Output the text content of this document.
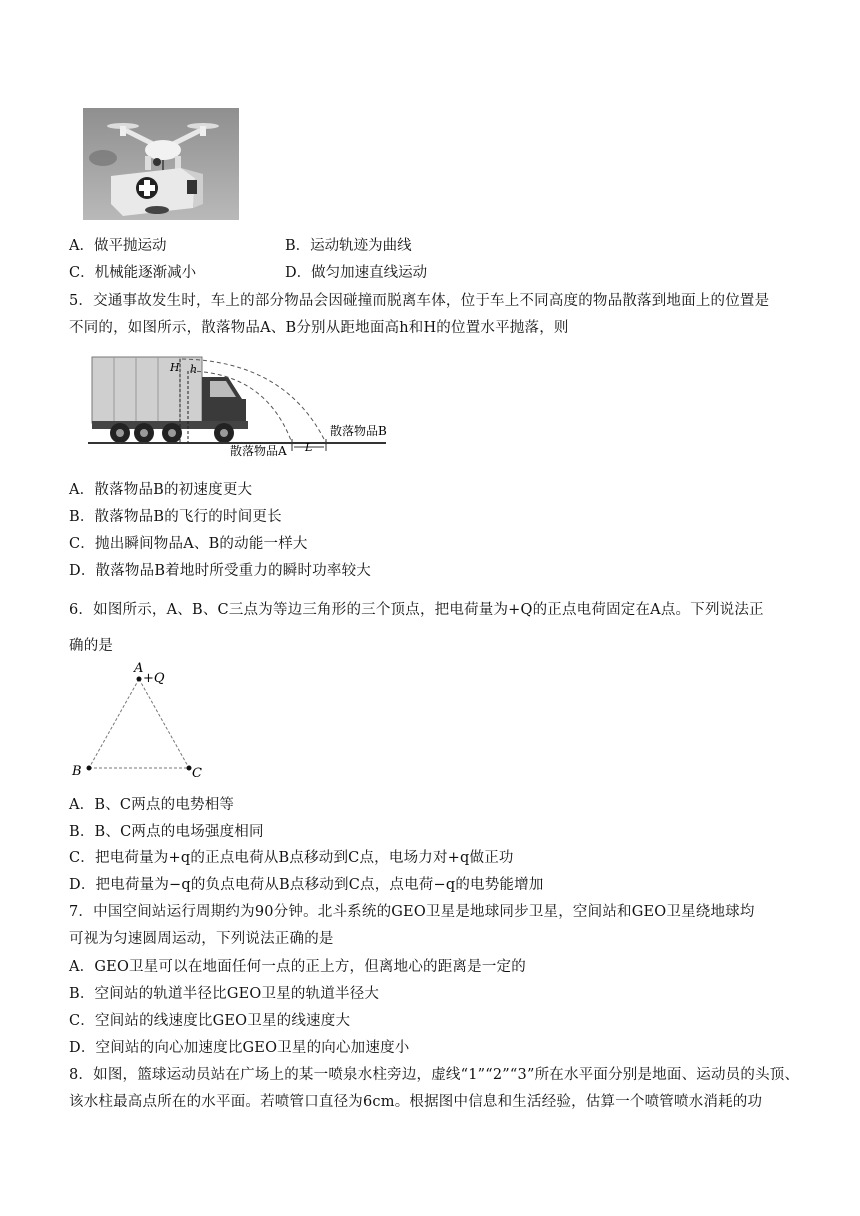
A．做平抛运动	B．运动轨迹为曲线
C．机械能逐渐减小	D．做匀加速直线运动
5．交通事故发生时，车上的部分物品会因碰撞而脱离车体，位于车上不同高度的物品散落到地面上的位置是
不同的，如图所示，散落物品A、B分别从距地面高h和H的位置水平抛落，则
H h
L
散落物品B
散落物品A
A．散落物品B的初速度更大
B．散落物品B的飞行的时间更长
C．抛出瞬间物品A、B的动能一样大
D．散落物品B着地时所受重力的瞬时功率较大
6．如图所示，A、B、C三点为等边三角形的三个顶点，把电荷量为+Q的正点电荷固定在A点。下列说法正
确的是
A
+Q
B	C
A．B、C两点的电势相等
B．B、C两点的电场强度相同
C．把电荷量为+q的正点电荷从B点移动到C点，电场力对+q做正功
D．把电荷量为−q的负点电荷从B点移动到C点，点电荷−q的电势能增加
7．中国空间站运行周期约为90分钟。北斗系统的GEO卫星是地球同步卫星，空间站和GEO卫星绕地球均
可视为匀速圆周运动，下列说法正确的是
A．GEO卫星可以在地面任何一点的正上方，但离地心的距离是一定的
B．空间站的轨道半径比GEO卫星的轨道半径大
C．空间站的线速度比GEO卫星的线速度大
D．空间站的向心加速度比GEO卫星的向心加速度小
8．如图，篮球运动员站在广场上的某一喷泉水柱旁边，虚线“1”“2”“3”所在水平面分别是地面、运动员的头顶、
该水柱最高点所在的水平面。若喷管口直径为6cm。根据图中信息和生活经验，估算一个喷管喷水消耗的功
